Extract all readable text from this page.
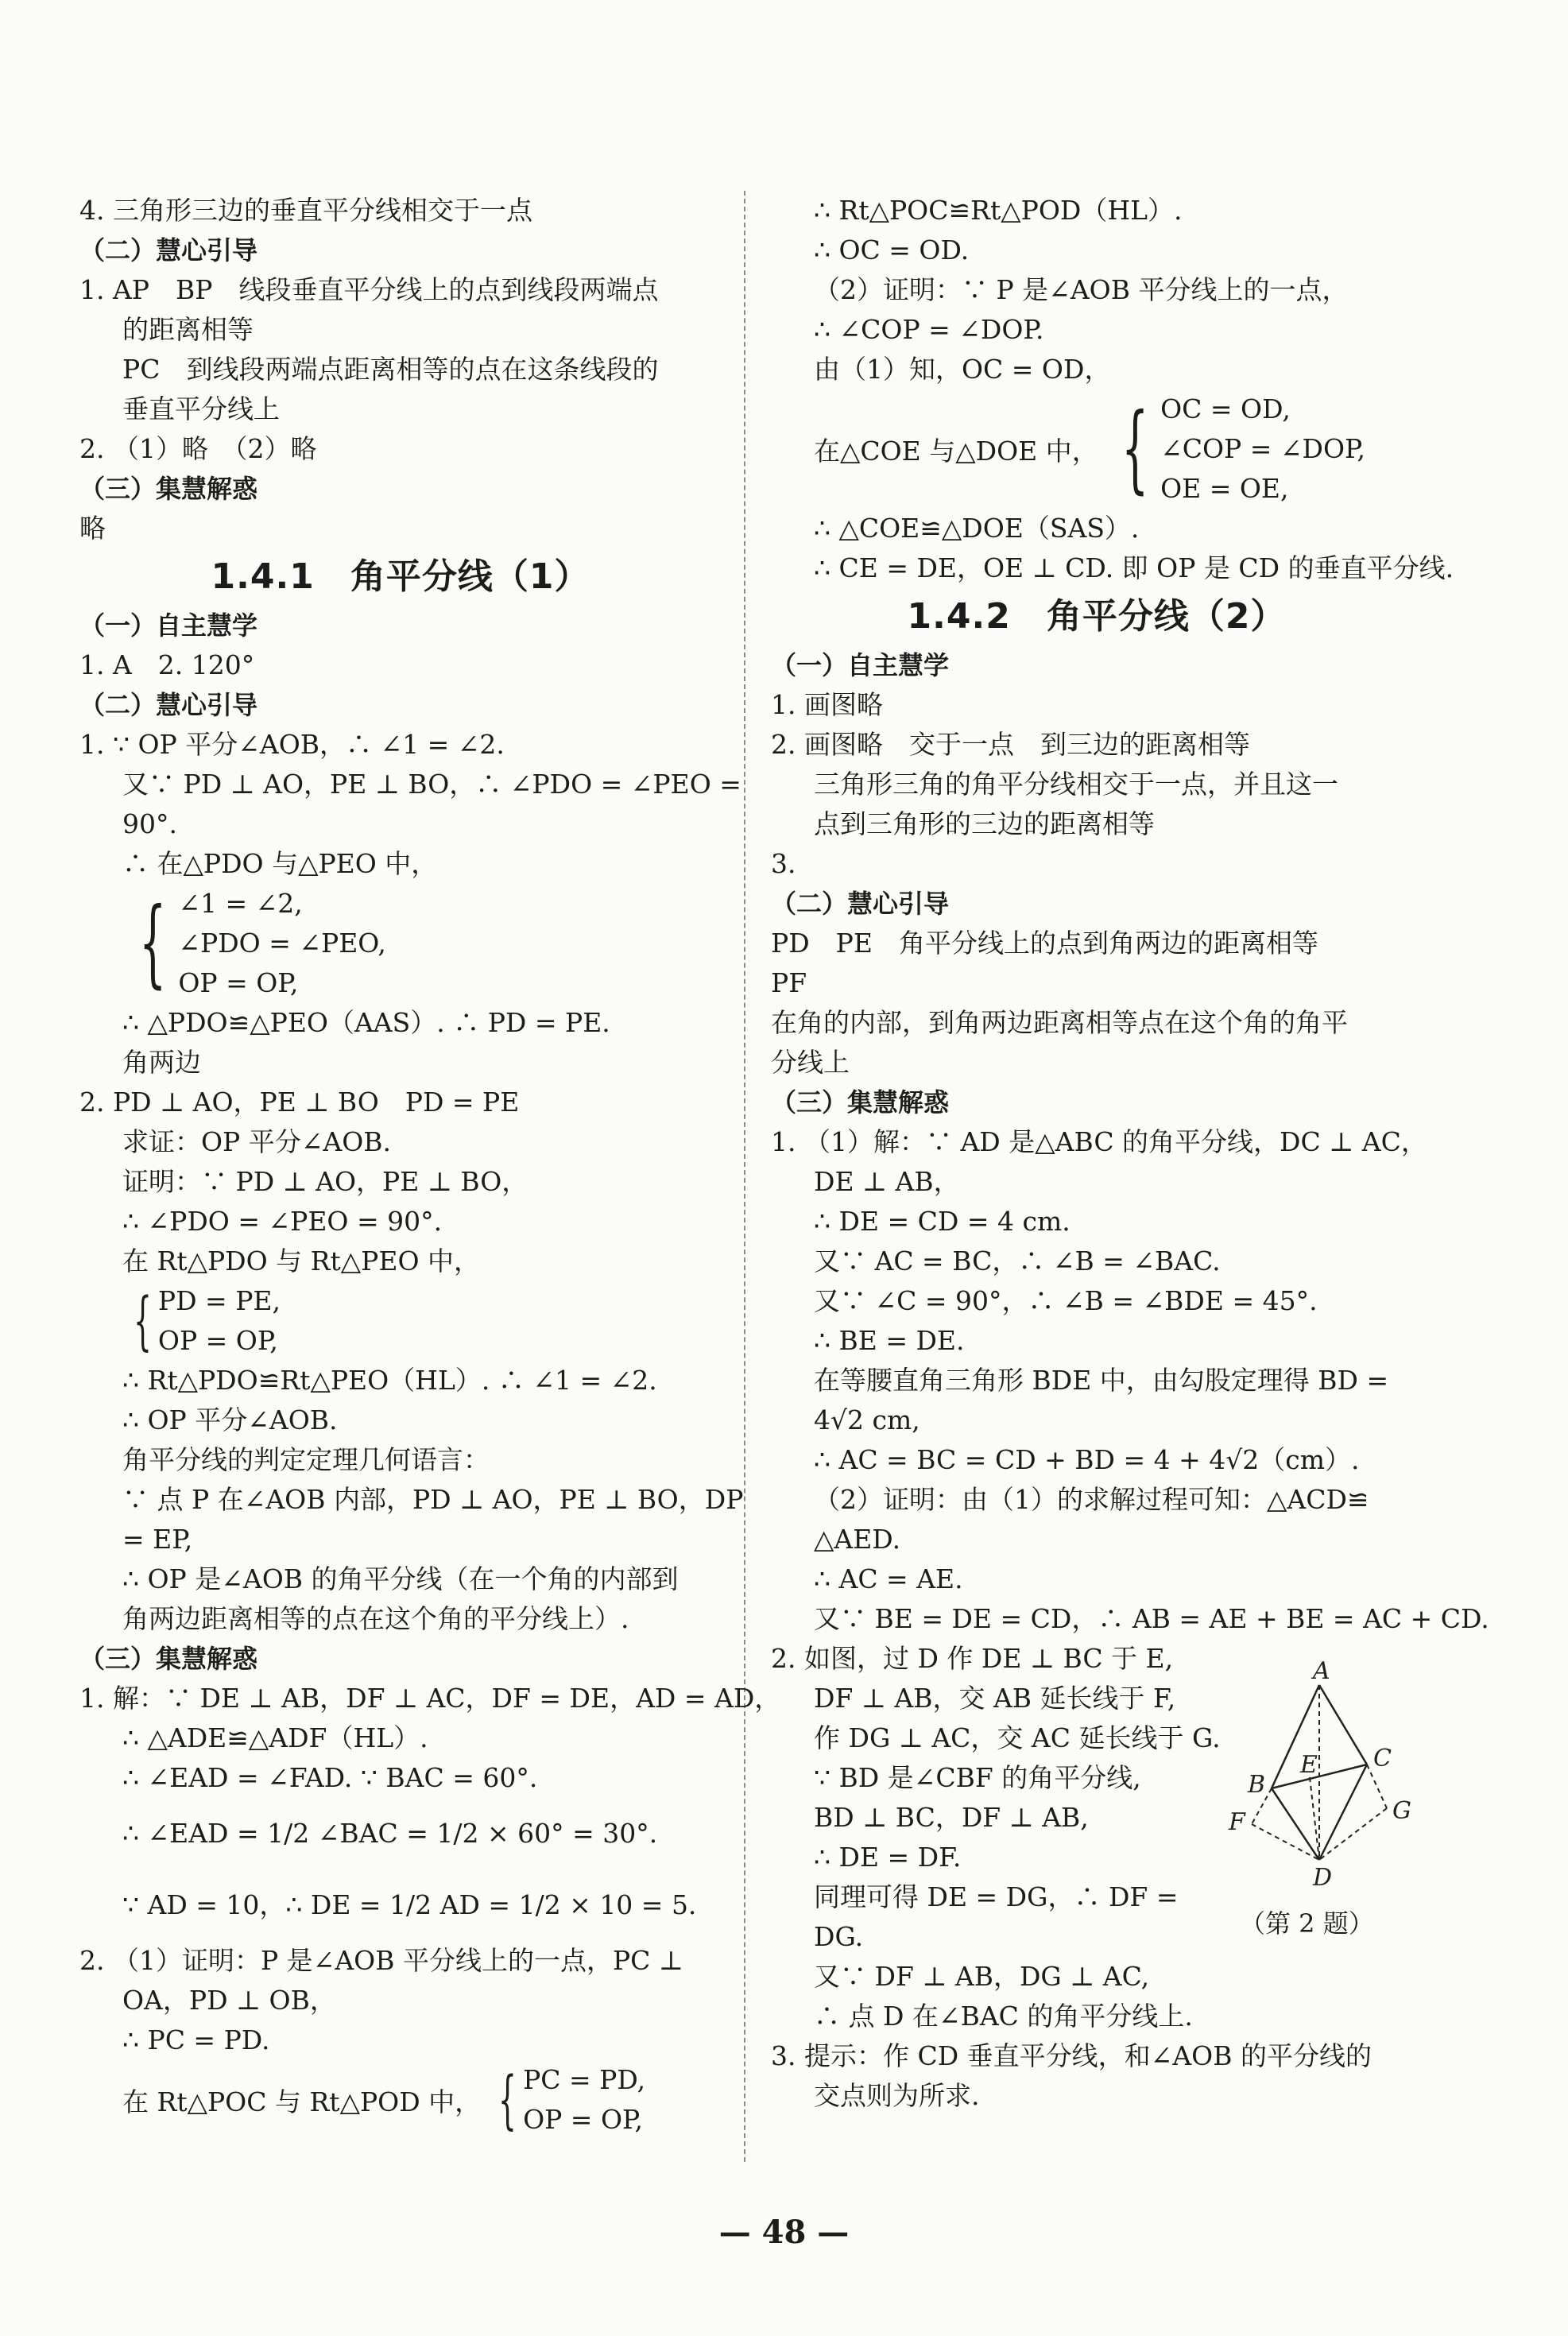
4. 三角形三边的垂直平分线相交于一点
（二）慧心引导
1. AP　BP　线段垂直平分线上的点到线段两端点
的距离相等
PC　到线段两端点距离相等的点在这条线段的
垂直平分线上
2. （1）略　（2）略
（三）集慧解惑
略
1.4.1　角平分线（1）
（一）自主慧学
1. A　2. 120°
（二）慧心引导
1. ∵ OP 平分∠AOB，∴ ∠1 = ∠2.
又∵ PD ⊥ AO，PE ⊥ BO，∴ ∠PDO = ∠PEO =
90°.
∴ 在△PDO 与△PEO 中，
{ ∠1 = ∠2,
∠PDO = ∠PEO,
OP = OP,
∴ △PDO≌△PEO（AAS）. ∴ PD = PE.
角两边
2. PD ⊥ AO，PE ⊥ BO　PD = PE
求证：OP 平分∠AOB.
证明：∵ PD ⊥ AO，PE ⊥ BO，
∴ ∠PDO = ∠PEO = 90°.
在 Rt△PDO 与 Rt△PEO 中，
{ PD = PE,
OP = OP,
∴ Rt△PDO≌Rt△PEO（HL）. ∴ ∠1 = ∠2.
∴ OP 平分∠AOB.
角平分线的判定定理几何语言：
∵ 点 P 在∠AOB 内部，PD ⊥ AO，PE ⊥ BO，DP
= EP,
∴ OP 是∠AOB 的角平分线（在一个角的内部到
角两边距离相等的点在这个角的平分线上）.
（三）集慧解惑
1. 解：∵ DE ⊥ AB，DF ⊥ AC，DF = DE，AD = AD，
∴ △ADE≌△ADF（HL）.
∴ ∠EAD = ∠FAD. ∵ BAC = 60°.
∴ ∠EAD = 1/2 ∠BAC = 1/2 × 60° = 30°.
∵ AD = 10，∴ DE = 1/2 AD = 1/2 × 10 = 5.
2. （1）证明：P 是∠AOB 平分线上的一点，PC ⊥
OA，PD ⊥ OB，
∴ PC = PD.
在 Rt△POC 与 Rt△POD 中， { PC = PD,
OP = OP,
∴ Rt△POC≌Rt△POD（HL）.
∴ OC = OD.
（2）证明：∵ P 是∠AOB 平分线上的一点，
∴ ∠COP = ∠DOP.
由（1）知，OC = OD，
在△COE 与△DOE 中， { OC = OD,
∠COP = ∠DOP,
OE = OE,
∴ △COE≌△DOE（SAS）.
∴ CE = DE，OE ⊥ CD. 即 OP 是 CD 的垂直平分线.
1.4.2　角平分线（2）
（一）自主慧学
1. 画图略
2. 画图略　交于一点　到三边的距离相等
三角形三角的角平分线相交于一点，并且这一
点到三角形的三边的距离相等
3.
（二）慧心引导
PD　PE　角平分线上的点到角两边的距离相等
PF
在角的内部，到角两边距离相等点在这个角的角平
分线上
（三）集慧解惑
1. （1）解：∵ AD 是△ABC 的角平分线，DC ⊥ AC，
DE ⊥ AB，
∴ DE = CD = 4 cm.
又∵ AC = BC，∴ ∠B = ∠BAC.
又∵ ∠C = 90°，∴ ∠B = ∠BDE = 45°.
∴ BE = DE.
在等腰直角三角形 BDE 中，由勾股定理得 BD =
4√2 cm,
∴ AC = BC = CD + BD = 4 + 4√2（cm）.
（2）证明：由（1）的求解过程可知：△ACD≌
△AED.
∴ AC = AE.
又∵ BE = DE = CD，∴ AB = AE + BE = AC + CD.
2. 如图，过 D 作 DE ⊥ BC 于 E,
DF ⊥ AB，交 AB 延长线于 F,
作 DG ⊥ AC，交 AC 延长线于 G.
∵ BD 是∠CBF 的角平分线,
BD ⊥ BC，DF ⊥ AB,
∴ DE = DF.
同理可得 DE = DG，∴ DF =
DG.
又∵ DF ⊥ AB，DG ⊥ AC,
∴ 点 D 在∠BAC 的角平分线上.
3. 提示：作 CD 垂直平分线，和∠AOB 的平分线的
交点则为所求.
A
B
C
D
E
F	G
（第 2 题）
— 48 —
